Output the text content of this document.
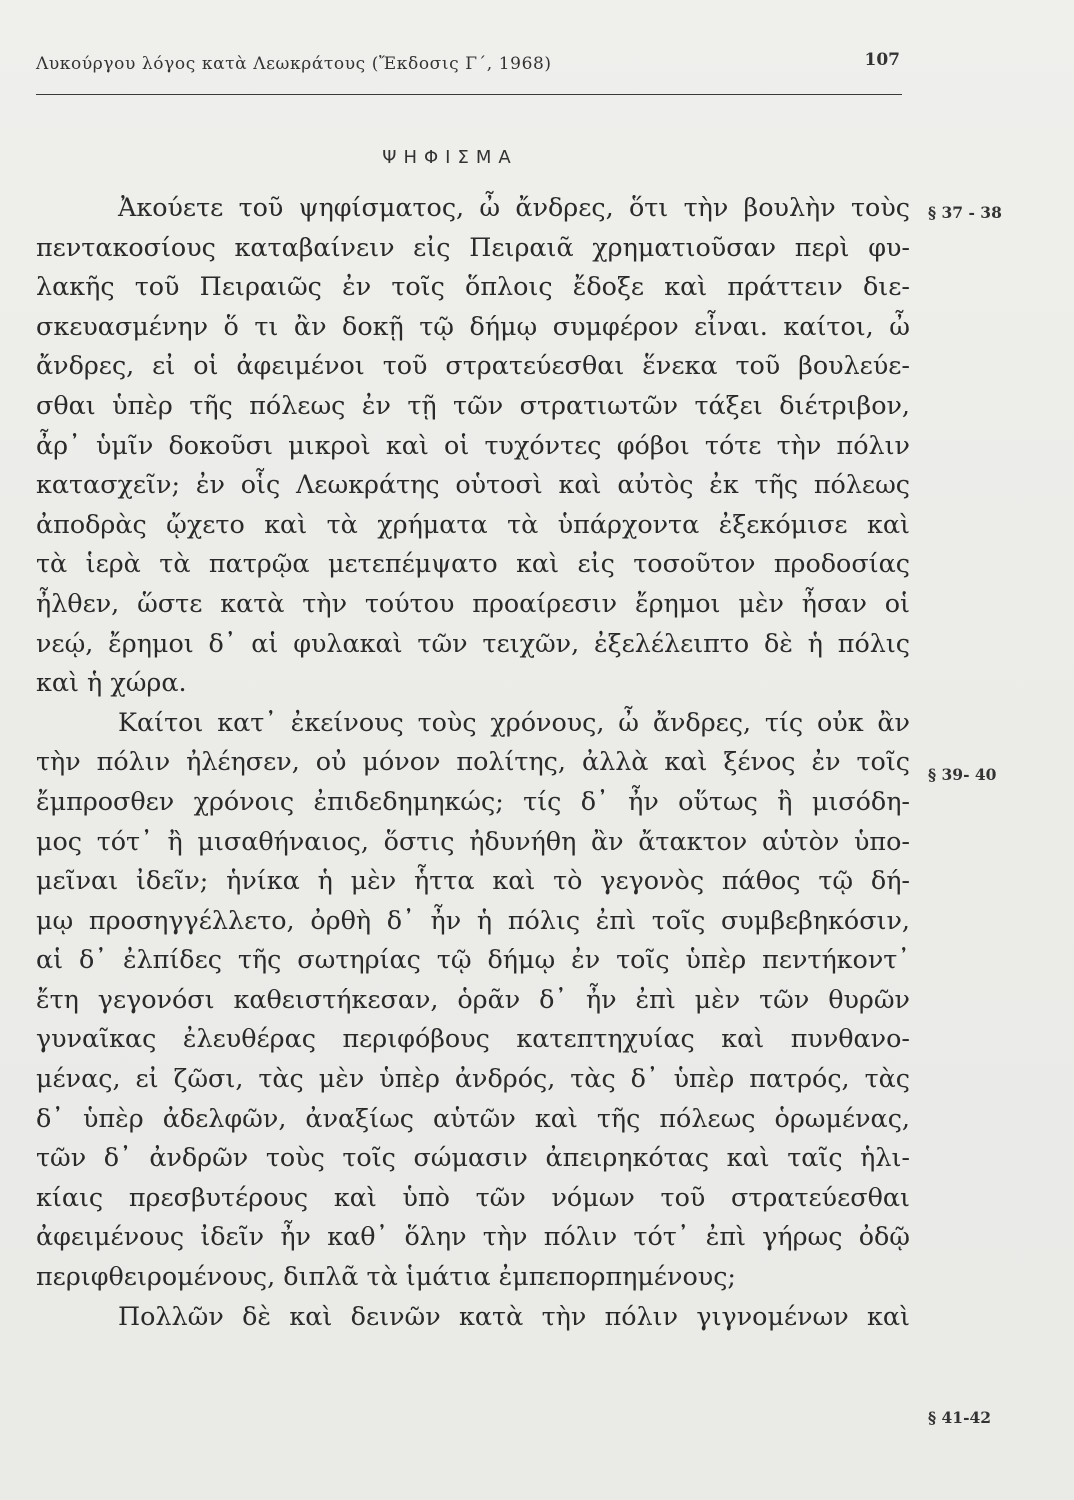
Λυκούργου λόγος κατὰ Λεωκράτους (Ἔκδοσις Γ΄, 1968)	107
ΨΗΦΙΣΜΑ
Ἀκούετε τοῦ ψηφίσματος, ὦ ἄνδρες, ὅτι τὴν βουλὴν τοὺς
πεντακοσίους καταβαίνειν εἰς Πειραιᾶ χρηματιοῦσαν περὶ φυ-
λακῆς τοῦ Πειραιῶς ἐν τοῖς ὅπλοις ἔδοξε καὶ πράττειν διε-
σκευασμένην ὅ τι ἂν δοκῇ τῷ δήμῳ συμφέρον εἶναι. καίτοι, ὦ
ἄνδρες, εἰ οἱ ἀφειμένοι τοῦ στρατεύεσθαι ἕνεκα τοῦ βουλεύε-
σθαι ὑπὲρ τῆς πόλεως ἐν τῇ τῶν στρατιωτῶν τάξει διέτριβον,
ἆρ᾽ ὑμῖν δοκοῦσι μικροὶ καὶ οἱ τυχόντες φόβοι τότε τὴν πόλιν
κατασχεῖν; ἐν οἷς Λεωκράτης οὑτοσὶ καὶ αὐτὸς ἐκ τῆς πόλεως
ἀποδρὰς ᾤχετο καὶ τὰ χρήματα τὰ ὑπάρχοντα ἐξεκόμισε καὶ
τὰ ἱερὰ τὰ πατρῷα μετεπέμψατο καὶ εἰς τοσοῦτον προδοσίας
ἦλθεν, ὥστε κατὰ τὴν τούτου προαίρεσιν ἔρημοι μὲν ἦσαν οἱ
νεῴ, ἔρημοι δ᾽ αἱ φυλακαὶ τῶν τειχῶν, ἐξελέλειπτο δὲ ἡ πόλις
καὶ ἡ χώρα.
Καίτοι κατ᾽ ἐκείνους τοὺς χρόνους, ὦ ἄνδρες, τίς οὐκ ἂν
τὴν πόλιν ἠλέησεν, οὐ μόνον πολίτης, ἀλλὰ καὶ ξένος ἐν τοῖς
ἔμπροσθεν χρόνοις ἐπιδεδημηκώς; τίς δ᾽ ἦν οὕτως ἢ μισόδη-
μος τότ᾽ ἢ μισαθήναιος, ὅστις ἠδυνήθη ἂν ἄτακτον αὑτὸν ὑπο-
μεῖναι ἰδεῖν; ἡνίκα ἡ μὲν ἧττα καὶ τὸ γεγονὸς πάθος τῷ δή-
μῳ προσηγγέλλετο, ὀρθὴ δ᾽ ἦν ἡ πόλις ἐπὶ τοῖς συμβεβηκόσιν,
αἱ δ᾽ ἐλπίδες τῆς σωτηρίας τῷ δήμῳ ἐν τοῖς ὑπὲρ πεντήκοντ᾽
ἔτη γεγονόσι καθειστήκεσαν, ὁρᾶν δ᾽ ἦν ἐπὶ μὲν τῶν θυρῶν
γυναῖκας ἐλευθέρας περιφόβους κατεπτηχυίας καὶ πυνθανο-
μένας, εἰ ζῶσι, τὰς μὲν ὑπὲρ ἀνδρός, τὰς δ᾽ ὑπὲρ πατρός, τὰς
δ᾽ ὑπὲρ ἀδελφῶν, ἀναξίως αὑτῶν καὶ τῆς πόλεως ὁρωμένας,
τῶν δ᾽ ἀνδρῶν τοὺς τοῖς σώμασιν ἀπειρηκότας καὶ ταῖς ἡλι-
κίαις πρεσβυτέρους καὶ ὑπὸ τῶν νόμων τοῦ στρατεύεσθαι
ἀφειμένους ἰδεῖν ἦν καθ᾽ ὅλην τὴν πόλιν τότ᾽ ἐπὶ γήρως ὀδῷ
περιφθειρομένους, διπλᾶ τὰ ἱμάτια ἐμπεπορπημένους;
Πολλῶν δὲ καὶ δεινῶν κατὰ τὴν πόλιν γιγνομένων καὶ
§ 37 - 38
§ 39- 40
§ 41-42
